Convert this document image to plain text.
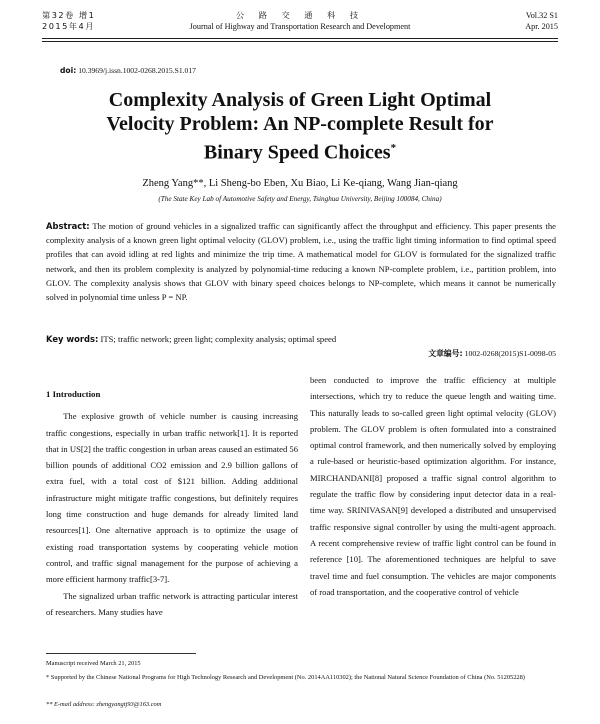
第32卷 增1
2015年4月
公 路 交 通 科 技
Journal of Highway and Transportation Research and Development
Vol.32 S1
Apr. 2015
doi: 10.3969/j.issn.1002-0268.2015.S1.017
Complexity Analysis of Green Light Optimal
Velocity Problem: An NP-complete Result for
Binary Speed Choices*
Zheng Yang**, Li Sheng-bo Eben, Xu Biao, Li Ke-qiang, Wang Jian-qiang
(The State Key Lab of Automotive Safety and Energy, Tsinghua University, Beijing 100084, China)
Abstract: The motion of ground vehicles in a signalized traffic can significantly affect the throughput and efficiency. This paper presents the complexity analysis of a known green light optimal velocity (GLOV) problem, i.e., using the traffic light timing information to find optimal speed profiles that can avoid idling at red lights and minimize the trip time. A mathematical model for GLOV is formulated for the signalized traffic network, and then its problem complexity is analyzed by polynomial-time reducing a known NP-complete problem, i.e., partition problem, into GLOV. The complexity analysis shows that GLOV with binary speed choices belongs to NP-complete, which means it cannot be numerically solved in polynomial time unless P = NP.
Key words: ITS; traffic network; green light; complexity analysis; optimal speed
文章编号: 1002-0268(2015)S1-0098-05

1 Introduction

The explosive growth of vehicle number is causing increasing traffic congestions, especially in urban traffic network[1]. It is reported that in US[2] the traffic congestion in urban areas caused an estimated 56 billion pounds of additional CO2 emission and 2.9 billion gallons of extra fuel, with a total cost of $121 billion. Adding additional infrastructure might mitigate traffic congestions, but definitely requires long time construction and huge demands for already limited land resources[1]. One alternative approach is to optimize the usage of existing road transportation systems by cooperating vehicle motion control, and traffic signal management for the purpose of achieving a more efficient harmony traffic[3-7].

The signalized urban traffic network is attracting particular interest of researchers. Many studies have

been conducted to improve the traffic efficiency at multiple intersections, which try to reduce the queue length and waiting time. This naturally leads to so-called green light optimal velocity (GLOV) problem. The GLOV problem is often formulated into a constrained optimal control framework, and then numerically solved by employing a rule-based or heuristic-based optimization algorithm. For instance, MIRCHANDANI[8] proposed a traffic signal control algorithm to regulate the traffic flow by considering input detector data in a real-time way. SRINIVASAN[9] developed a distributed and unsupervised traffic responsive signal controller by using the multi-agent approach. A recent comprehensive review of traffic light control can be found in reference [10]. The aforementioned techniques are helpful to save travel time and fuel consumption. The vehicles are major components of road transportation, and the cooperative control of vehicle

Manuscript received March 21, 2015
* Supported by the Chinese National Programs for High Technology Research and Development (No. 2014AA110302); the National Natural Science Foundation of China (No. 51205228)
** E-mail address: zhengyangtj93@163.com
